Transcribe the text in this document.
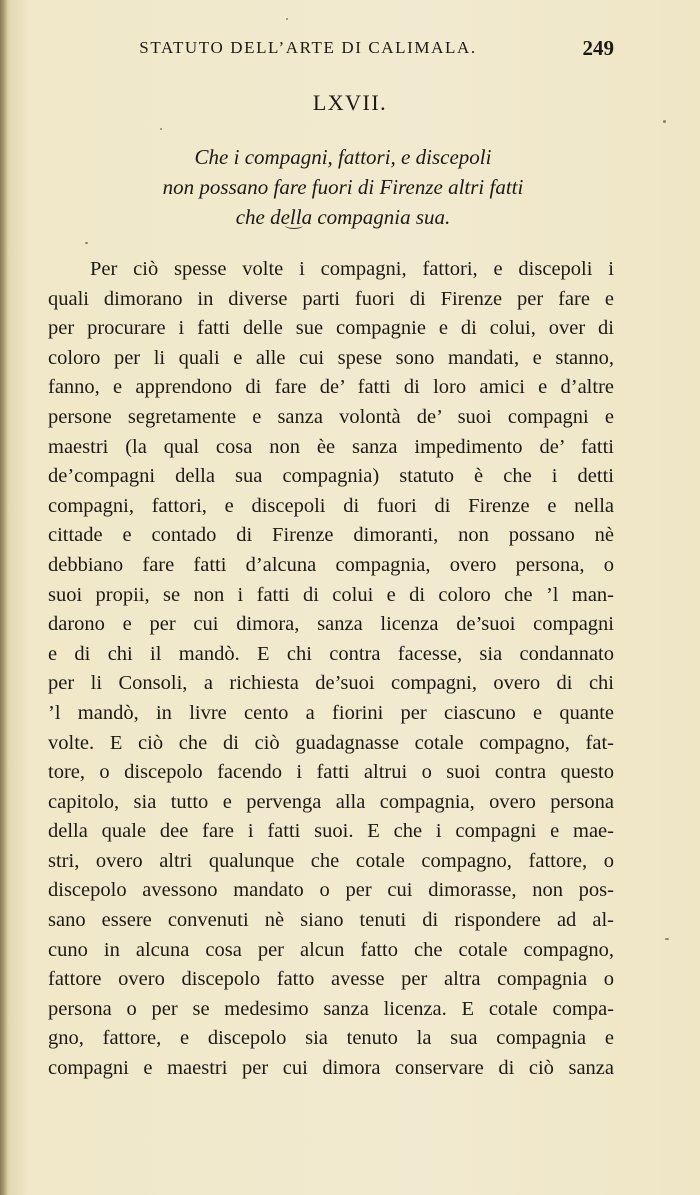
STATUTO DELL’ARTE DI CALIMALA.	249
LXVII.
Che i compagni, fattori, e discepoli
non possano fare fuori di Firenze altri fatti
che della compagnia sua.
Per ciò spesse volte i compagni, fattori, e discepoli i
quali dimorano in diverse parti fuori di Firenze per fare e
per procurare i fatti delle sue compagnie e di colui, over di
coloro per li quali e alle cui spese sono mandati, e stanno,
fanno, e apprendono di fare de’ fatti di loro amici e d’altre
persone segretamente e sanza volontà de’ suoi compagni e
maestri (la qual cosa non èe sanza impedimento de’ fatti
de’compagni della sua compagnia) statuto è che i detti
compagni, fattori, e discepoli di fuori di Firenze e nella
cittade e contado di Firenze dimoranti, non possano nè
debbiano fare fatti d’alcuna compagnia, overo persona, o
suoi propii, se non i fatti di colui e di coloro che ’l man-
darono e per cui dimora, sanza licenza de’suoi compagni
e di chi il mandò. E chi contra facesse, sia condannato
per li Consoli, a richiesta de’suoi compagni, overo di chi
’l mandò, in livre cento a fiorini per ciascuno e quante
volte. E ciò che di ciò guadagnasse cotale compagno, fat-
tore, o discepolo facendo i fatti altrui o suoi contra questo
capitolo, sia tutto e pervenga alla compagnia, overo persona
della quale dee fare i fatti suoi. E che i compagni e mae-
stri, overo altri qualunque che cotale compagno, fattore, o
discepolo avessono mandato o per cui dimorasse, non pos-
sano essere convenuti nè siano tenuti di rispondere ad al-
cuno in alcuna cosa per alcun fatto che cotale compagno,
fattore overo discepolo fatto avesse per altra compagnia o
persona o per se medesimo sanza licenza. E cotale compa-
gno, fattore, e discepolo sia tenuto la sua compagnia e
compagni e maestri per cui dimora conservare di ciò sanza
